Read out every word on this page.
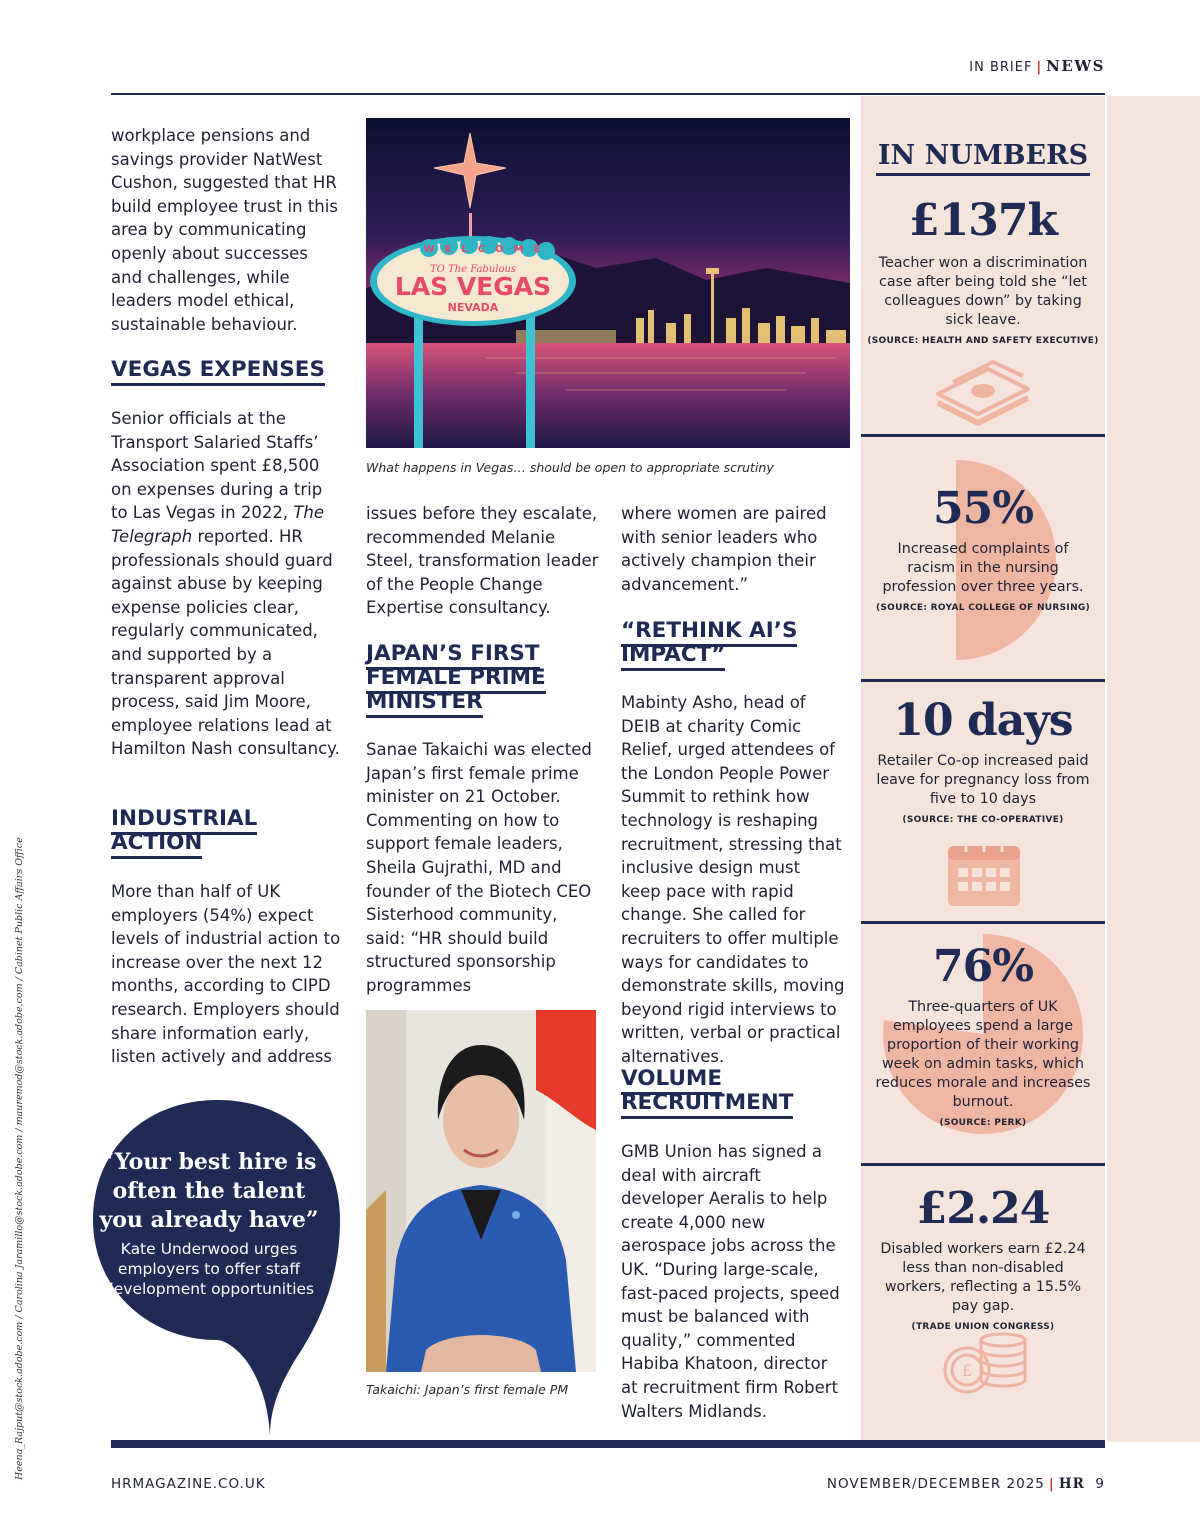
IN BRIEF | NEWS

workplace pensions and savings provider NatWest Cushon, suggested that HR build employee trust in this area by communicating openly about successes and challenges, while leaders model ethical, sustainable behaviour.

VEGAS EXPENSES

Senior officials at the Transport Salaried Staffs’ Association spent £8,500 on expenses during a trip to Las Vegas in 2022, The Telegraph reported. HR professionals should guard against abuse by keeping expense policies clear, regularly communicated, and supported by a transparent approval process, said Jim Moore, employee relations lead at Hamilton Nash consultancy.

INDUSTRIAL ACTION

More than half of UK employers (54%) expect levels of industrial action to increase over the next 12 months, according to CIPD research. Employers should share information early, listen actively and address

“Your best hire is often the talent you already have”
Kate Underwood urges employers to offer staff development opportunities
WELCOME
TO The Fabulous
LAS VEGAS
NEVADA
What happens in Vegas… should be open to appropriate scrutiny

issues before they escalate, recommended Melanie Steel, transformation leader of the People Change Expertise consultancy.

JAPAN’S FIRST FEMALE PRIME MINISTER

Sanae Takaichi was elected Japan’s first female prime minister on 21 October. Commenting on how to support female leaders, Sheila Gujrathi, MD and founder of the Biotech CEO Sisterhood community, said: “HR should build structured sponsorship programmes

Takaichi: Japan’s first female PM

where women are paired with senior leaders who actively champion their advancement.”

“RETHINK AI’S IMPACT”

Mabinty Asho, head of DEIB at charity Comic Relief, urged attendees of the London People Power Summit to rethink how technology is reshaping recruitment, stressing that inclusive design must keep pace with rapid change. She called for recruiters to offer multiple ways for candidates to demonstrate skills, moving beyond rigid interviews to written, verbal or practical alternatives.

VOLUME RECRUITMENT

GMB Union has signed a deal with aircraft developer Aeralis to help create 4,000 new aerospace jobs across the UK. “During large-scale, fast-paced projects, speed must be balanced with quality,” commented Habiba Khatoon, director at recruitment firm Robert Walters Midlands.

IN NUMBERS
£137k
Teacher won a discrimination case after being told she “let colleagues down” by taking sick leave.
(SOURCE: HEALTH AND SAFETY EXECUTIVE)
55%
Increased complaints of racism in the nursing profession over three years.
(SOURCE: ROYAL COLLEGE OF NURSING)
10 days
Retailer Co-op increased paid leave for pregnancy loss from five to 10 days
(SOURCE: THE CO-OPERATIVE)
76%
Three-quarters of UK employees spend a large proportion of their working week on admin tasks, which reduces morale and increases burnout.
(SOURCE: PERK)
£2.24
Disabled workers earn £2.24 less than non-disabled workers, reflecting a 15.5% pay gap.
(TRADE UNION CONGRESS)
£
HRMAGAZINE.CO.UK	NOVEMBER/DECEMBER 2025 | HR 9
Heena_Rajput@stock.adobe.com / Carolina Jaramillo@stock.adobe.com / mauremod@stock.adobe.com / Cabinet Public Affairs Office
